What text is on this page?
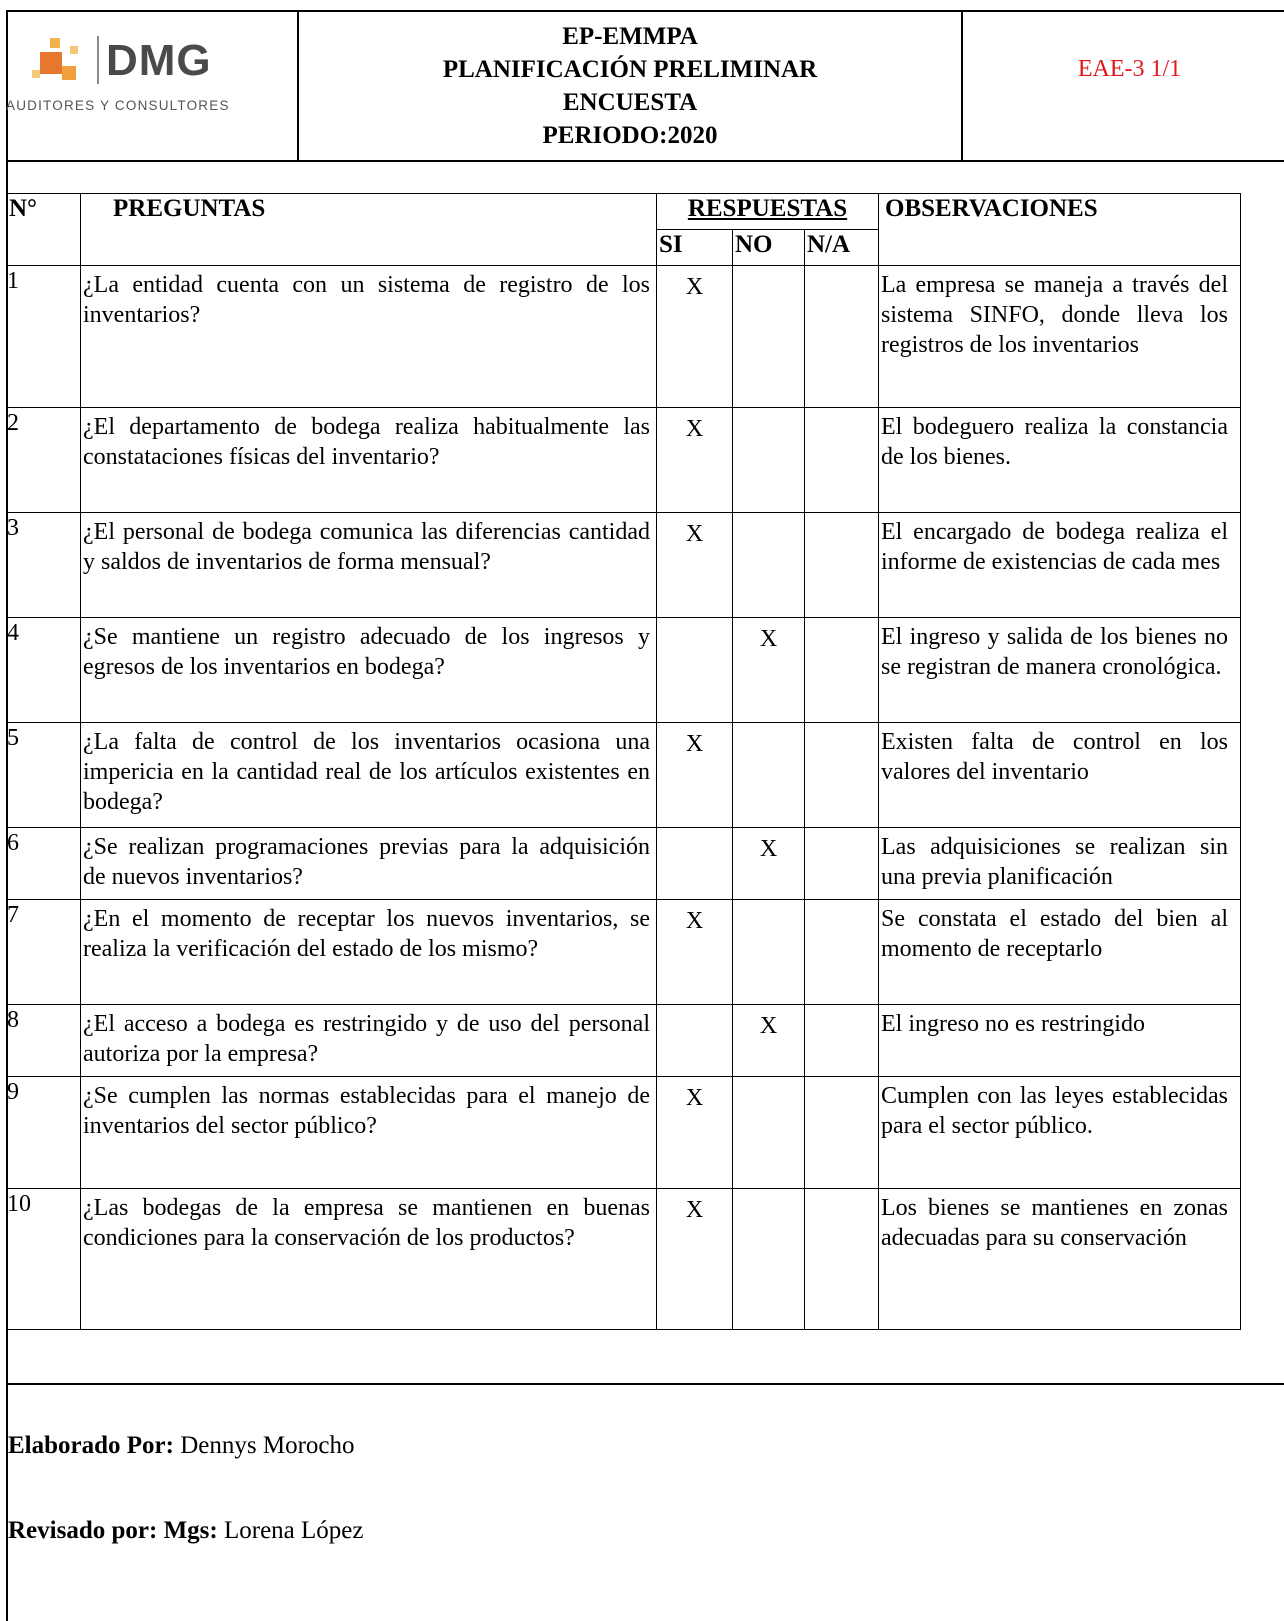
DMG
AUDITORES Y CONSULTORES
EP-EMMPA
PLANIFICACIÓN PRELIMINAR
ENCUESTA
PERIODO:2020
EAE-3 1/1
N°	PREGUNTAS	RESPUESTAS			OBSERVACIONES
		SI	NO	N/A	
1	¿La entidad cuenta con un sistema de registro de los inventarios?	X			La empresa se maneja a través del sistema SINFO, donde lleva los registros de los inventarios
2	¿El departamento de bodega realiza habitualmente las constataciones físicas del inventario?	X			El bodeguero realiza la constancia de los bienes.
3	¿El personal de bodega comunica las diferencias cantidad y saldos de inventarios de forma mensual?	X			El encargado de bodega realiza el informe de existencias de cada mes
4	¿Se mantiene un registro adecuado de los ingresos y egresos de los inventarios en bodega?		X		El ingreso y salida de los bienes no se registran de manera cronológica.
5	¿La falta de control de los inventarios ocasiona una impericia en la cantidad real de los artículos existentes en bodega?	X			Existen falta de control en los valores del inventario
6	¿Se realizan programaciones previas para la adquisición de nuevos inventarios?		X		Las adquisiciones se realizan sin una previa planificación
7	¿En el momento de receptar los nuevos inventarios, se realiza la verificación del estado de los mismo?	X			Se constata el estado del bien al momento de receptarlo
8	¿El acceso a bodega es restringido y de uso del personal autoriza por la empresa?		X		El ingreso no es restringido
9	¿Se cumplen las normas establecidas para el manejo de inventarios del sector público?	X			Cumplen con las leyes establecidas para el sector público.
10	¿Las bodegas de la empresa se mantienen en buenas condiciones para la conservación de los productos?	X			Los bienes se mantienes en zonas adecuadas para su conservación
Elaborado Por: Dennys Morocho
Revisado por: Mgs: Lorena López
